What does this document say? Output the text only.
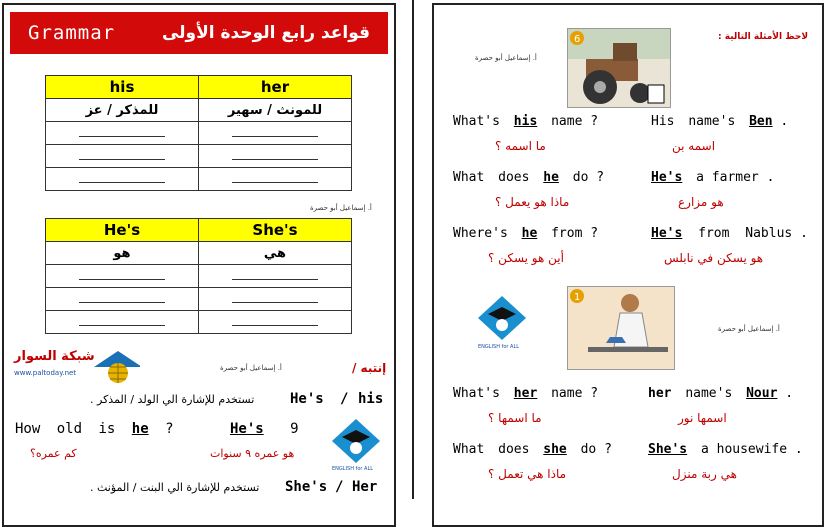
Grammar	قواعد رابع الوحدة الأولى
his	her
للمذكر / عز	للمونث / سهير

أ. إسماعيل أبو حصرة
He's	She's
هو	هي

شبكة السوار
www.paltoday.net
أ. إسماعيل أبو حصرة	إنتبه /
تستخدم للإشارة الي الولد / المذكر .	He's / his
How old is he ?	He's 9
كم عمره؟	هو عمره ٩ سنوات
ENGLISH for ALL
تستخدم للإشارة الي البنت / المؤنث . She's / Her
لاحظ الأمثلة التالية :
أ. إسماعيل أبو حصرة
6
1
ENGLISH for ALL
أ. إسماعيل أبو حصرة
What's his name ?	His name's Ben .
ما اسمه ؟	اسمه بن
What does he do ?	He's a farmer .
ماذا هو يعمل ؟	هو مزارع
Where's he from ?	He's from Nablus .
أين هو يسكن ؟	هو يسكن في نابلس
What's her name ?	her name's Nour .
ما اسمها ؟	اسمها نور
What does she do ?	She's a housewife .
ماذا هي تعمل ؟	هي ربة منزل
